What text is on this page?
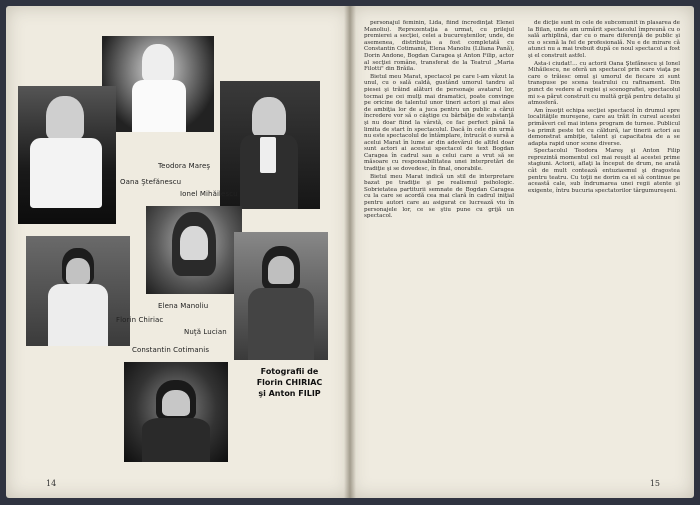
Teodora Mareş
Oana Ştefănescu
Ionel Mihăilescu
Elena Manoliu
Florin Chiriac
Nuţă Lucian
Constantin Cotimanis
Fotografii de
Florin CHIRIAC
şi Anton FILIP
14

personajul feminin, Lida, fiind încredinţat Elenei Manoliu). Reprezentaţia a urmat, cu prilejul premierei a secţiei, celei a bucureştenilor, unde, de asemenea, distribuţia a fost completată cu Constantin Cotimanis, Elena Manoliu (Liliana Pană), Dorin Andone, Bogdan Caragea şi Anton Filip, actor al secţiei române, transferat de la Teatrul „Maria Filotti" din Brăila.

Bietul meu Marat, spectacol pe care l-am văzut la unul, cu o sală caldă, gustând umorul tandru al piesei şi trăind alături de personaje avatarul lor, tocmai pe cei mulţi mai dramatici, poate convinge pe oricine de talentul unor tineri actori şi mai ales de ambiţia lor de a juca pentru un public a cărui încredere vor să o câştige cu bărbăţie de substanţă şi nu doar fiind la vârstă, ce fac perfect până la limita de start în spectacolul. Dacă în cele din urmă nu este spectacolul de întâmplare, întrucât o sursă a acelui Marat în lume ar din adevărul de altfel doar sunt actori ai acestui spectacol de text Bogdan Caragea în cadrul sau a celui care a vrut să se măsoare cu responsabilitatea unei interpretări de tradiţie şi se dovedesc, în final, onorabile.

Bietul meu Marat indică un stil de interpretare bazat pe tradiţie şi pe realismul psihologic. Sobrietatea partiturii semnate de Bogdan Caragea cu la care se acordă cea mai clară în cadrul iniţial pentru autori care au asigurat ce lucrează viu în personajele lor, ce se ştiu pune cu grijă un spectacol.

de dicţie sunt în cele de subcomunit în plasarea de la Bilan, unde am urmărit spectacolul împreună cu o sală arhiplină, dar cu o mare diferenţă de public şi cu o scenă la fel de profesională. Nu e de mirare că atunci nu a mai trebuit după ce noul spectacol a fost şi el construit astfel.

Asta-i ciudat!... cu actorii Oana Ştefănescu şi Ionel Mihăilescu, ne oferă un spectacol prin care viaţa pe care o trăiesc omul şi umorul de fiecare zi sunt transpuse pe scena teatrului cu rafinament. Din punct de vedere al regiei şi scenografiei, spectacolul mi s-a părut construit cu multă grijă pentru detaliu şi atmosferă.

Am însoţit echipa secţiei spectacol în drumul spre localităţile mureşene, care au trăit în cursul acestei primăveri cel mai intens program de turnee. Publicul i-a primit peste tot cu căldură, iar tinerii actori au demonstrat ambiţie, talent şi capacitatea de a se adapta rapid unor scene diverse.

Spectacolul Teodora Mareş şi Anton Filip reprezintă momentul cel mai reuşit al acestei prime stagiuni. Actorii, aflaţi la început de drum, ne arată cât de mult contează entuziasmul şi dragostea pentru teatru. Cu toţii ne dorim ca ei să continue pe această cale, sub îndrumarea unei regii atente şi exigente, întru bucuria spectatorilor târgumureşeni.

15
